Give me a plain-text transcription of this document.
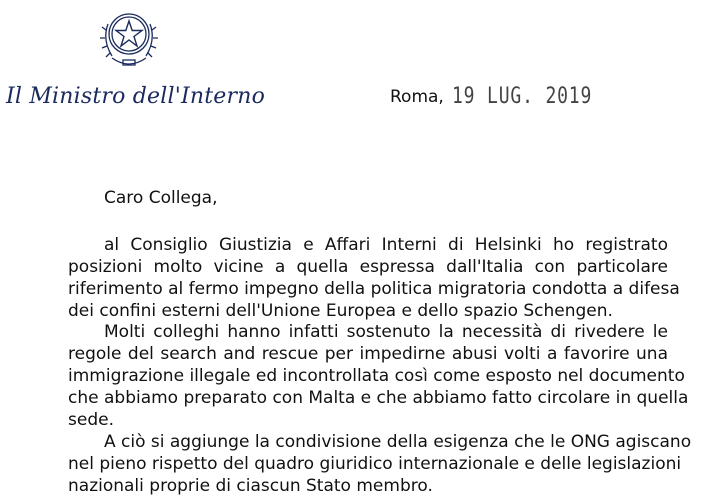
Il Ministro dell'Interno	Roma, 19 LUG. 2019
Caro Collega,
al Consiglio Giustizia e Affari Interni di Helsinki ho registrato
posizioni molto vicine a quella espressa dall'Italia con particolare
riferimento al fermo impegno della politica migratoria condotta a difesa
dei confini esterni dell'Unione Europea e dello spazio Schengen.
Molti colleghi hanno infatti sostenuto la necessità di rivedere le
regole del search and rescue per impedirne abusi volti a favorire una
immigrazione illegale ed incontrollata così come esposto nel documento
che abbiamo preparato con Malta e che abbiamo fatto circolare in quella
sede.
A ciò si aggiunge la condivisione della esigenza che le ONG agiscano
nel pieno rispetto del quadro giuridico internazionale e delle legislazioni
nazionali proprie di ciascun Stato membro.
